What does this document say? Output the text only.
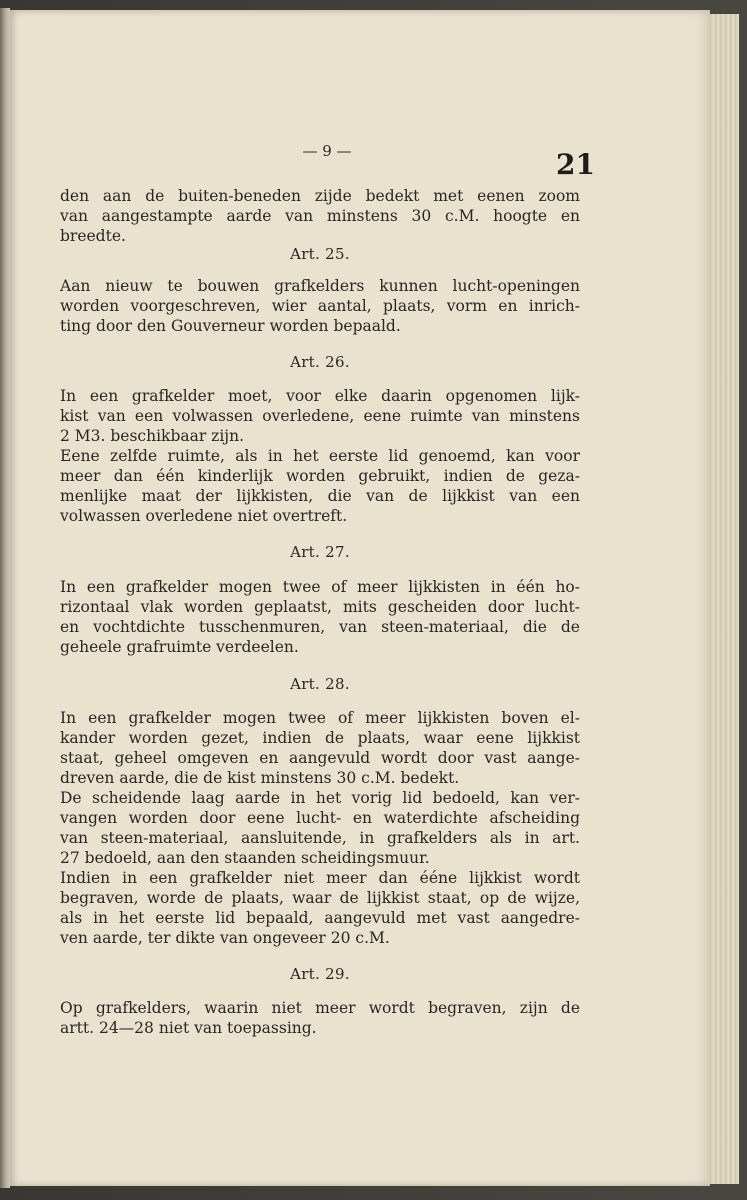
— 9 —	21
den aan de buiten-beneden zijde bedekt met eenen zoom
van aangestampte aarde van minstens 30 c.M. hoogte en
breedte.
Art. 25.
Aan nieuw te bouwen grafkelders kunnen lucht-openingen
worden voorgeschreven, wier aantal, plaats, vorm en inrich-
ting door den Gouverneur worden bepaald.
Art. 26.
In een grafkelder moet, voor elke daarin opgenomen lijk-
kist van een volwassen overledene, eene ruimte van minstens
2 M3. beschikbaar zijn.
Eene zelfde ruimte, als in het eerste lid genoemd, kan voor
meer dan één kinderlijk worden gebruikt, indien de geza-
menlijke maat der lijkkisten, die van de lijkkist van een
volwassen overledene niet overtreft.
Art. 27.
In een grafkelder mogen twee of meer lijkkisten in één ho-
rizontaal vlak worden geplaatst, mits gescheiden door lucht-
en vochtdichte tusschenmuren, van steen-materiaal, die de
geheele grafruimte verdeelen.
Art. 28.
In een grafkelder mogen twee of meer lijkkisten boven el-
kander worden gezet, indien de plaats, waar eene lijkkist
staat, geheel omgeven en aangevuld wordt door vast aange-
dreven aarde, die de kist minstens 30 c.M. bedekt.
De scheidende laag aarde in het vorig lid bedoeld, kan ver-
vangen worden door eene lucht- en waterdichte afscheiding
van steen-materiaal, aansluitende, in grafkelders als in art.
27 bedoeld, aan den staanden scheidingsmuur.
Indien in een grafkelder niet meer dan ééne lijkkist wordt
begraven, worde de plaats, waar de lijkkist staat, op de wijze,
als in het eerste lid bepaald, aangevuld met vast aangedre-
ven aarde, ter dikte van ongeveer 20 c.M.
Art. 29.
Op grafkelders, waarin niet meer wordt begraven, zijn de
artt. 24—28 niet van toepassing.
